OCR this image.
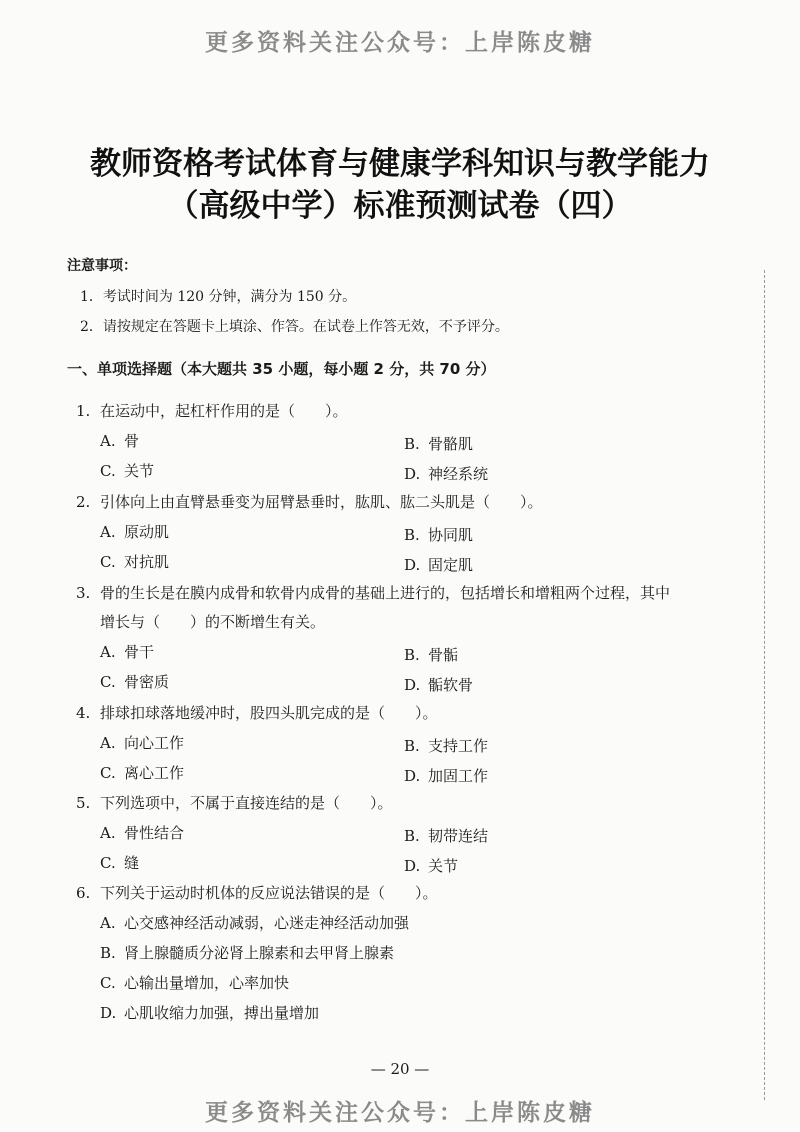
更多资料关注公众号：上岸陈皮糖
教师资格考试体育与健康学科知识与教学能力
（高级中学）标准预测试卷（四）
注意事项：
1．考试时间为 120 分钟，满分为 150 分。
2．请按规定在答题卡上填涂、作答。在试卷上作答无效，不予评分。
一、单项选择题（本大题共 35 小题，每小题 2 分，共 70 分）
1. 在运动中，起杠杆作用的是（　　）。
A. 骨	B. 骨骼肌
C. 关节	D. 神经系统
2. 引体向上由直臂悬垂变为屈臂悬垂时，肱肌、肱二头肌是（　　）。
A. 原动肌	B. 协同肌
C. 对抗肌	D. 固定肌
3. 骨的生长是在膜内成骨和软骨内成骨的基础上进行的，包括增长和增粗两个过程，其中
增长与（　　）的不断增生有关。
A. 骨干	B. 骨骺
C. 骨密质	D. 骺软骨
4. 排球扣球落地缓冲时，股四头肌完成的是（　　）。
A. 向心工作	B. 支持工作
C. 离心工作	D. 加固工作
5. 下列选项中，不属于直接连结的是（　　）。
A. 骨性结合	B. 韧带连结
C. 缝	D. 关节
6. 下列关于运动时机体的反应说法错误的是（　　）。
A. 心交感神经活动减弱，心迷走神经活动加强
B. 肾上腺髓质分泌肾上腺素和去甲肾上腺素
C. 心输出量增加，心率加快
D. 心肌收缩力加强，搏出量增加
— 20 —
更多资料关注公众号：上岸陈皮糖
